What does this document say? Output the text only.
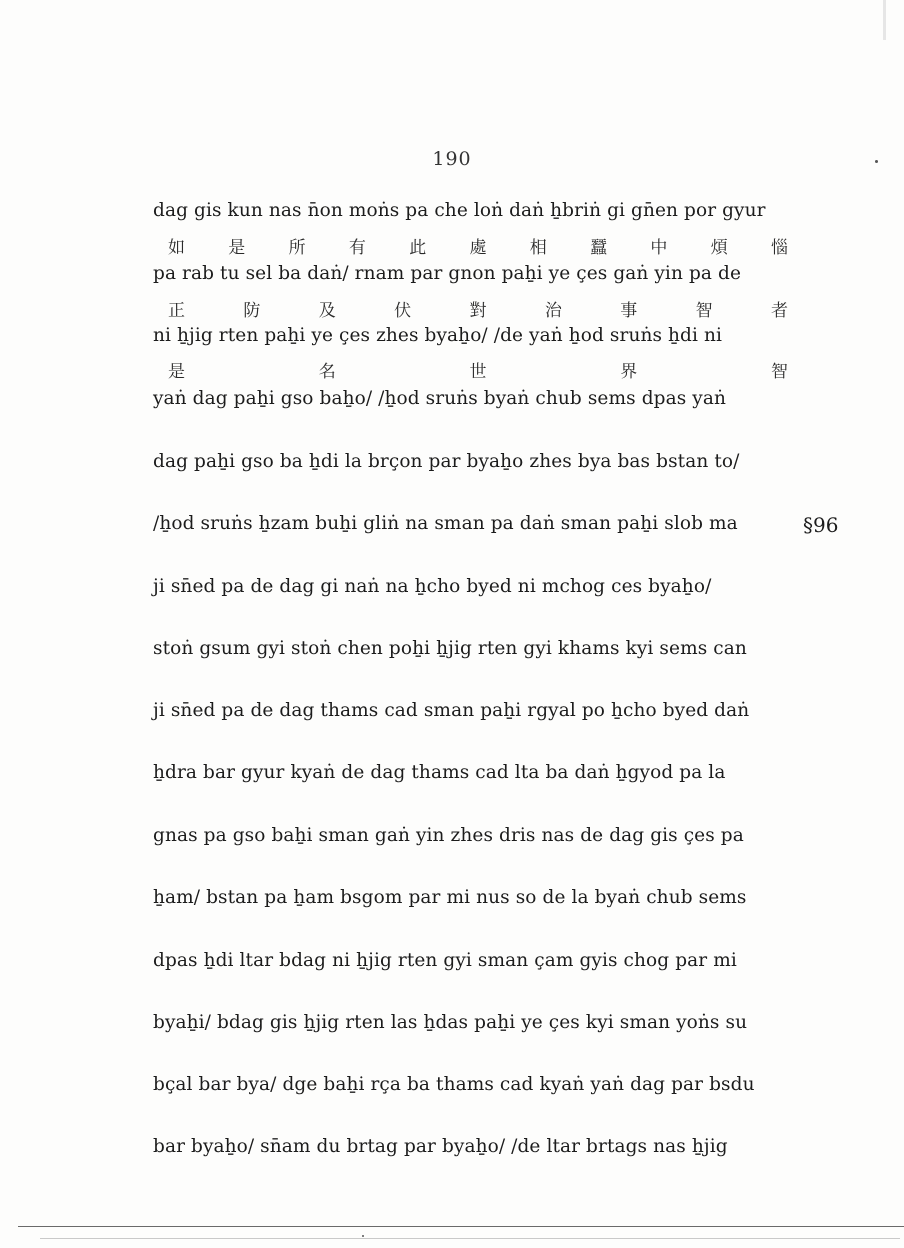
190
dag gis kun nas n̄on moṅs pa che loṅ daṅ ẖbriṅ gi gn̄en por gyur
如	是	所	有	此	處	相	蠶	中	煩	惱
pa rab tu sel ba daṅ/ rnam par gnon paẖi ye çes gaṅ yin pa de
正	防	及	伏	對	治	事	智	者
ni ẖjig rten paẖi ye çes zhes byaẖo/ /de yaṅ ẖod sruṅs ẖdi ni
是	名	世	界	智
yaṅ dag paẖi gso baẖo/ /ẖod sruṅs byaṅ chub sems dpas yaṅ
dag paẖi gso ba ẖdi la brçon par byaẖo zhes bya bas bstan to/
/ẖod sruṅs ẖzam buẖi gliṅ na sman pa daṅ sman paẖi slob ma	§96
ji sn̄ed pa de dag gi naṅ na ẖcho byed ni mchog ces byaẖo/
stoṅ gsum gyi stoṅ chen poẖi ẖjig rten gyi khams kyi sems can
ji sn̄ed pa de dag thams cad sman paẖi rgyal po ẖcho byed daṅ
ẖdra bar gyur kyaṅ de dag thams cad lta ba daṅ ẖgyod pa la
gnas pa gso baẖi sman gaṅ yin zhes dris nas de dag gis çes pa
ẖam/ bstan pa ẖam bsgom par mi nus so de la byaṅ chub sems
dpas ẖdi ltar bdag ni ẖjig rten gyi sman çam gyis chog par mi
byaẖi/ bdag gis ẖjig rten las ẖdas paẖi ye çes kyi sman yoṅs su
bçal bar bya/ dge baẖi rça ba thams cad kyaṅ yaṅ dag par bsdu
bar byaẖo/ sn̄am du brtag par byaẖo/ /de ltar brtags nas ẖjig
